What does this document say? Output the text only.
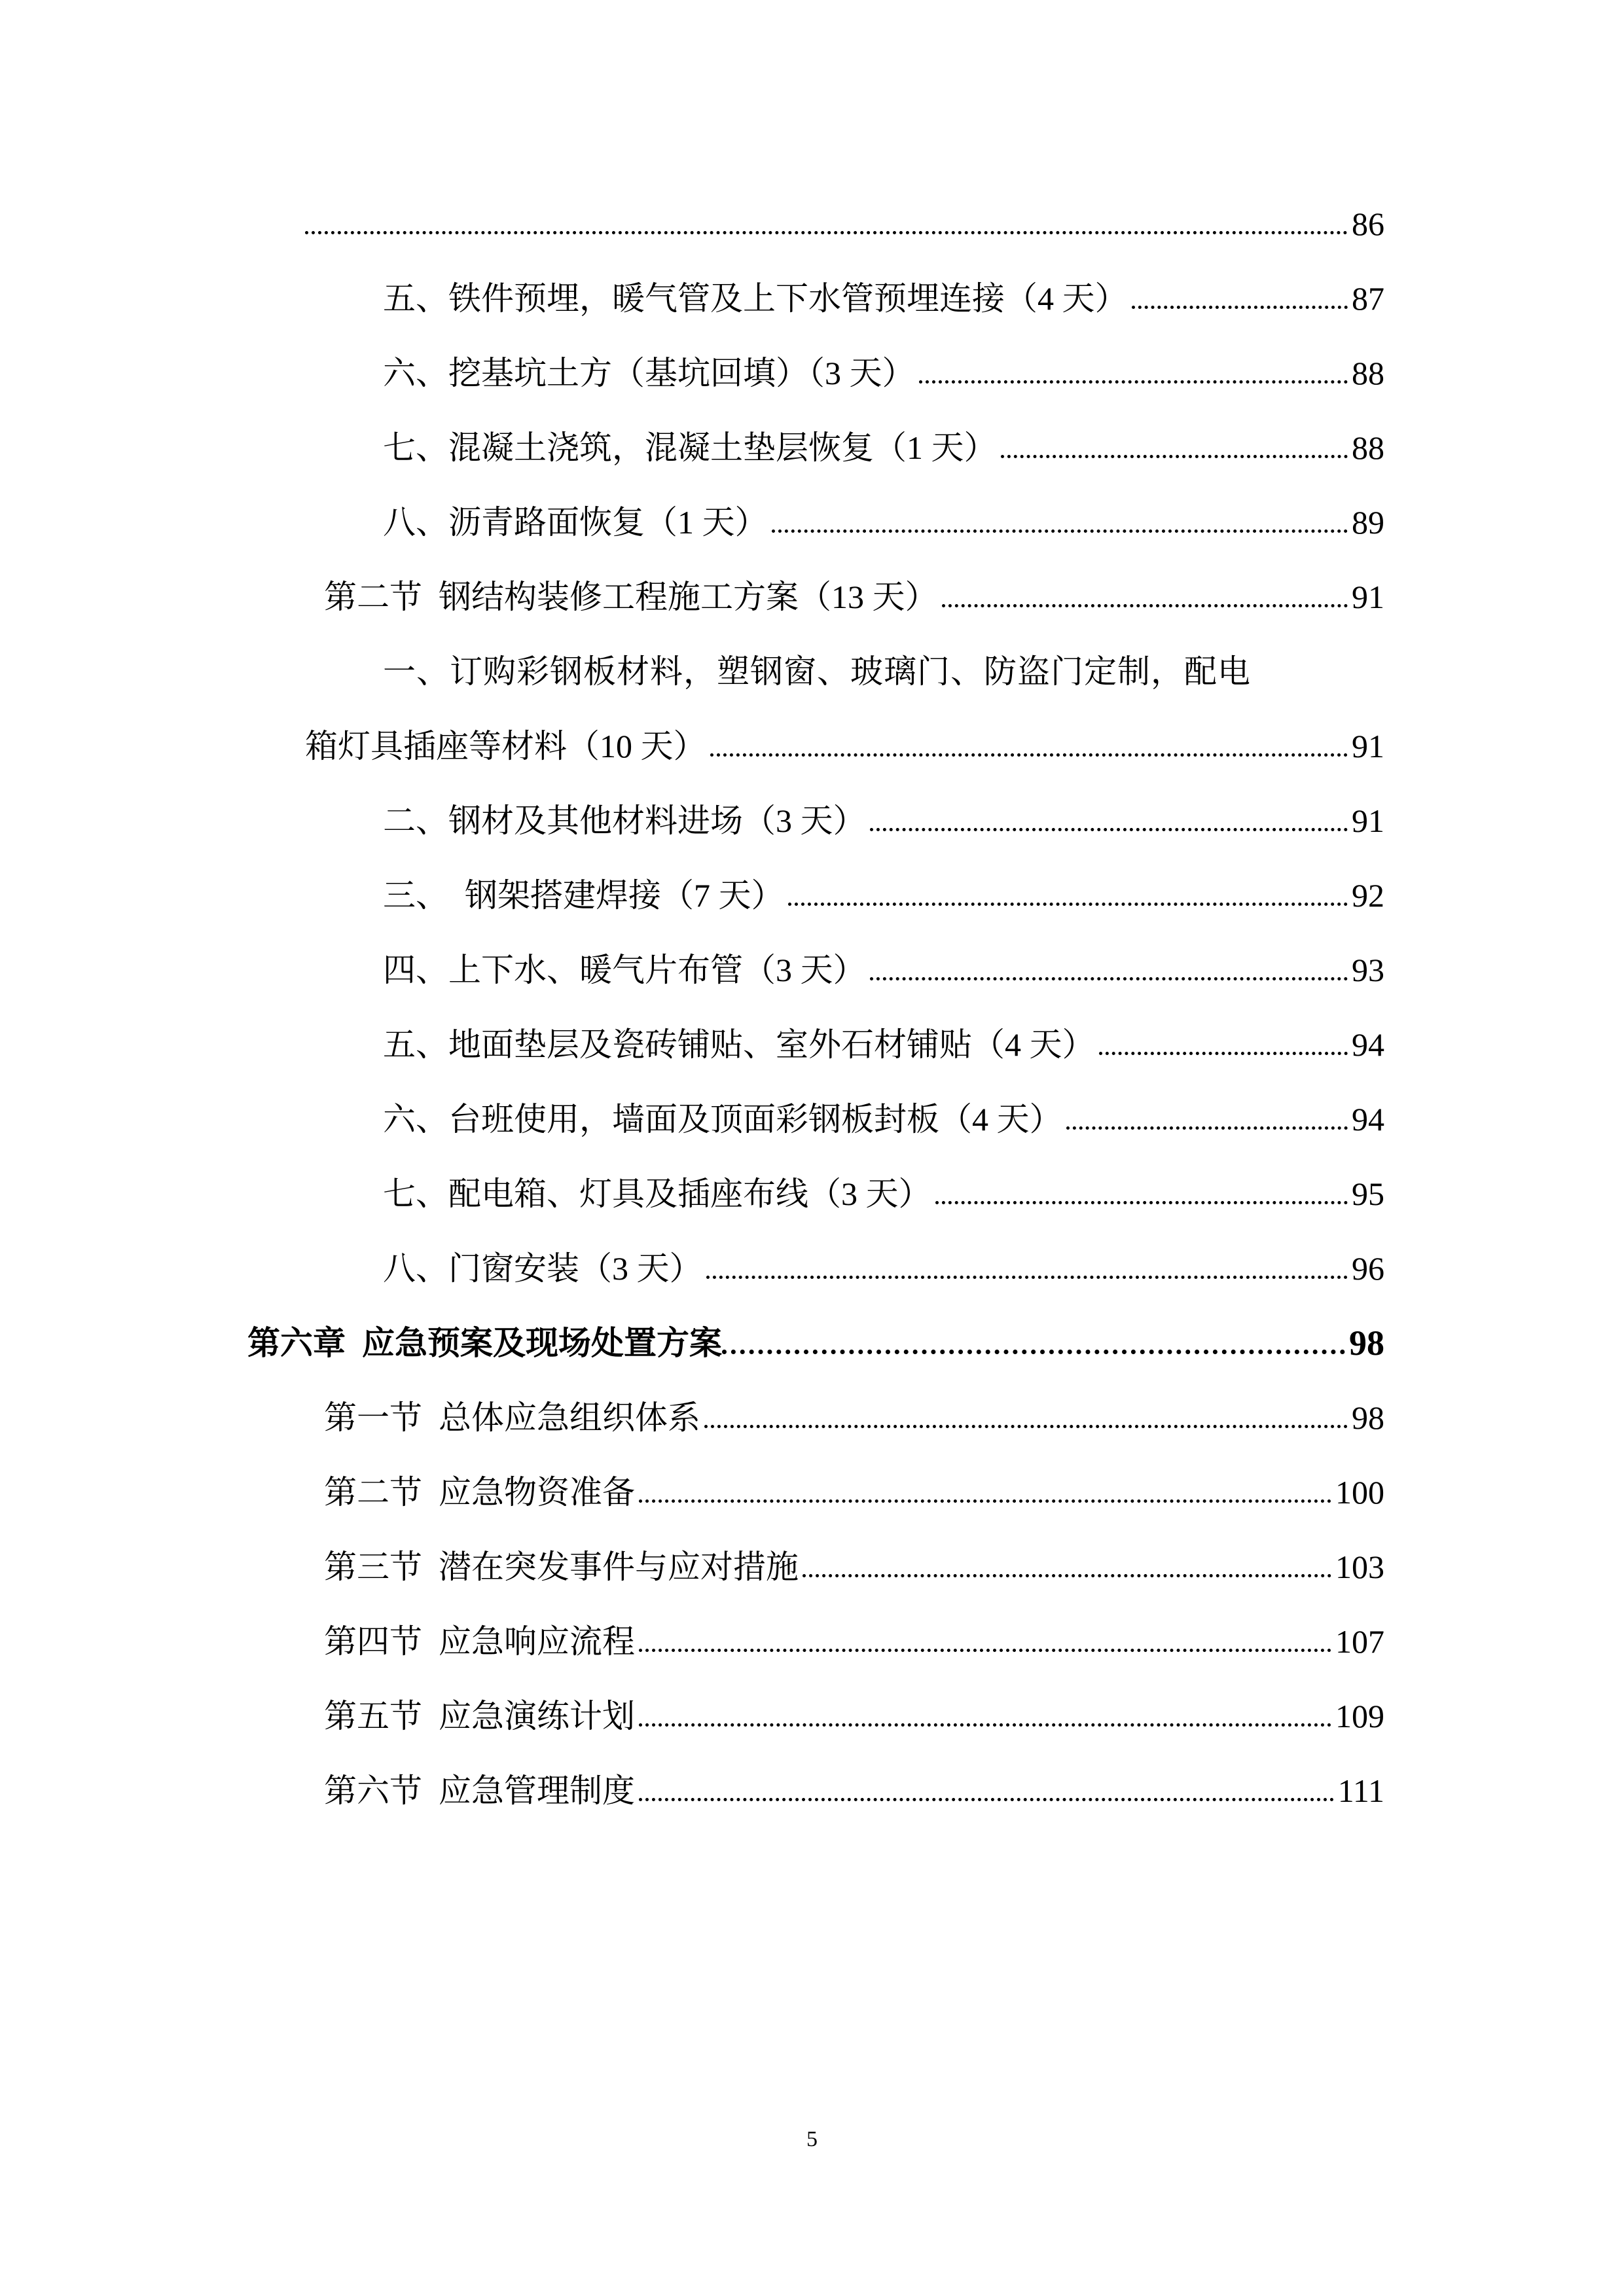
86
五、铁件预埋，暖气管及上下水管预埋连接（4 天）	87
六、挖基坑土方（基坑回填）（3 天）	88
七、混凝土浇筑，混凝土垫层恢复（1 天）	88
八、沥青路面恢复（1 天）	89
第二节  钢结构装修工程施工方案（13 天）	91
一、订购彩钢板材料，塑钢窗、玻璃门、防盗门定制，配电
箱灯具插座等材料（10 天）	91
二、钢材及其他材料进场（3 天）	91
三、  钢架搭建焊接（7 天）	92
四、上下水、暖气片布管（3 天）	93
五、地面垫层及瓷砖铺贴、室外石材铺贴（4 天）	94
六、台班使用，墙面及顶面彩钢板封板（4 天）	94
七、配电箱、灯具及插座布线（3 天）	95
八、门窗安装（3 天）	96
第六章  应急预案及现场处置方案	98
第一节  总体应急组织体系	98
第二节  应急物资准备	100
第三节  潜在突发事件与应对措施	103
第四节  应急响应流程	107
第五节  应急演练计划	109
第六节  应急管理制度	111
5
